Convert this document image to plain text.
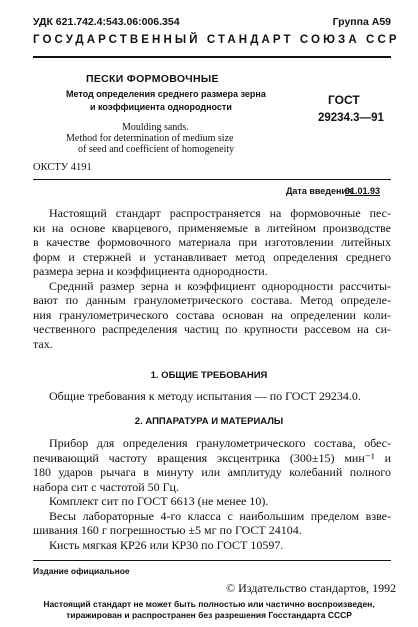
УДК 621.742.4:543.06:006.354	Группа А59
ГОСУДАРСТВЕННЫЙ СТАНДАРТ СОЮЗА ССР
ПЕСКИ ФОРМОВОЧНЫЕ
Метод определения среднего размера зерна
и коэффициента однородности
Moulding sands.
Method for determination of medium size
of seed and coefficient of homogeneity
ГОСТ
29234.3—91
ОКСТУ 4191
Дата введения
01.01.93
Настоящий стандарт распространяется на формовочные пес-
ки на основе кварцевого, применяемые в литейном производстве
в качестве формовочного материала при изготовлении литейных
форм и стержней и устанавливает метод определения среднего
размера зерна и коэффициента однородности.
Средний размер зерна и коэффициент однородности рассчиты-
вают по данным гранулометрического состава. Метод определе-
ния гранулометрического состава основан на определении коли-
чественного распределения частиц по крупности рассевом на си-
тах.
1. ОБЩИЕ ТРЕБОВАНИЯ
Общие требования к методу испытания — по ГОСТ 29234.0.
2. АППАРАТУРА И МАТЕРИАЛЫ
Прибор для определения гранулометрического состава, обес-
печивающий частоту вращения эксцентрика (300±15) мин⁻¹ и
180 ударов рычага в минуту или амплитуду колебаний полного
набора сит с частотой 50 Гц.
Комплект сит по ГОСТ 6613 (не менее 10).
Весы лабораторные 4-го класса с наибольшим пределом взве-
шивания 160 г погрешностью ±5 мг по ГОСТ 24104.
Кисть мягкая КР26 или КР30 по ГОСТ 10597.
Издание официальное
© Издательство стандартов, 1992
Настоящий стандарт не может быть полностью или частично воспроизведен,
тиражирован и распространен без разрешения Госстандарта СССР
